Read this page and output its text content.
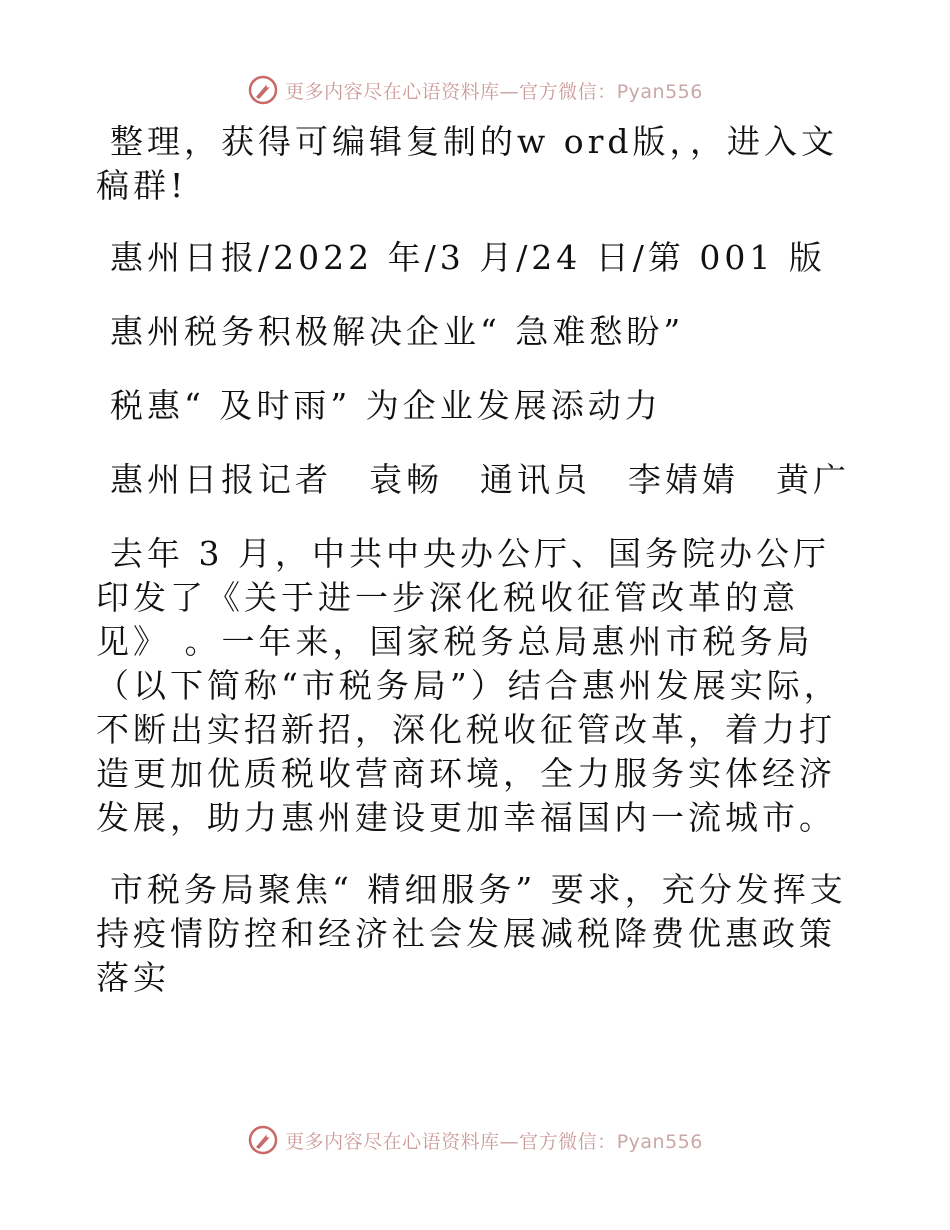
更多内容尽在心语资料库—官方微信：Pyan556

整理，获得可编辑复制的w ord版，，进入文稿群!

惠州日报/2022 年/3 月/24 日/第 001 版

惠州税务积极解决企业“ 急难愁盼”

税惠“ 及时雨” 为企业发展添动力

惠州日报记者　袁畅　通讯员　李婧婧　黄广

去年 3 月，中共中央办公厅、国务院办公厅印发了《关于进一步深化税收征管改革的意见》 。一年来，国家税务总局惠州市税务局（以下简称“市税务局”）结合惠州发展实际，不断出实招新招，深化税收征管改革，着力打造更加优质税收营商环境，全力服务实体经济发展，助力惠州建设更加幸福国内一流城市。

市税务局聚焦“ 精细服务” 要求，充分发挥支持疫情防控和经济社会发展减税降费优惠政策落实

更多内容尽在心语资料库—官方微信：Pyan556
